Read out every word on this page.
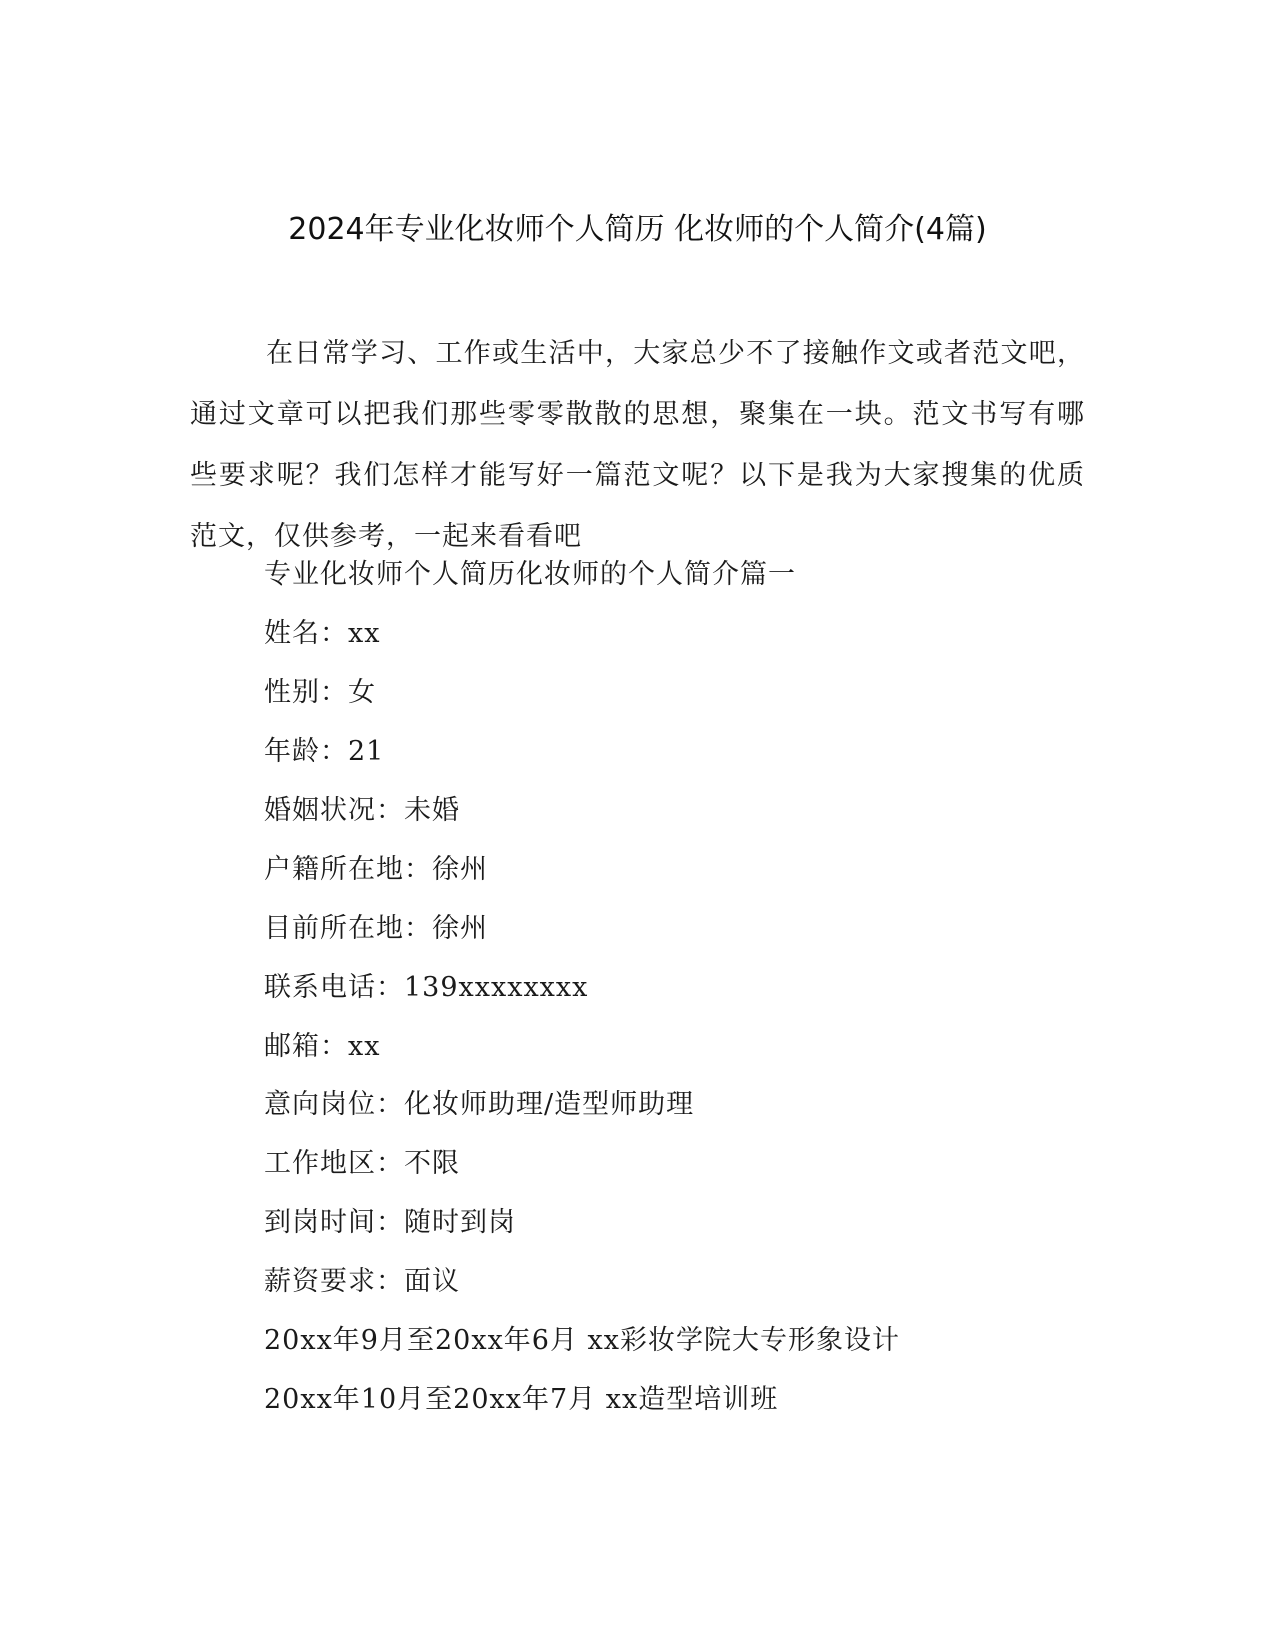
2024年专业化妆师个人简历 化妆师的个人简介(4篇)

在日常学习、工作或生活中，大家总少不了接触作文或者范文吧，通过文章可以把我们那些零零散散的思想，聚集在一块。范文书写有哪些要求呢？我们怎样才能写好一篇范文呢？以下是我为大家搜集的优质范文，仅供参考，一起来看看吧

专业化妆师个人简历化妆师的个人简介篇一

姓名：xx

性别：女

年龄：21

婚姻状况：未婚

户籍所在地：徐州

目前所在地：徐州

联系电话：139xxxxxxxx

邮箱：xx

意向岗位：化妆师助理/造型师助理

工作地区：不限

到岗时间：随时到岗

薪资要求：面议

20xx年9月至20xx年6月 xx彩妆学院大专形象设计

20xx年10月至20xx年7月 xx造型培训班
